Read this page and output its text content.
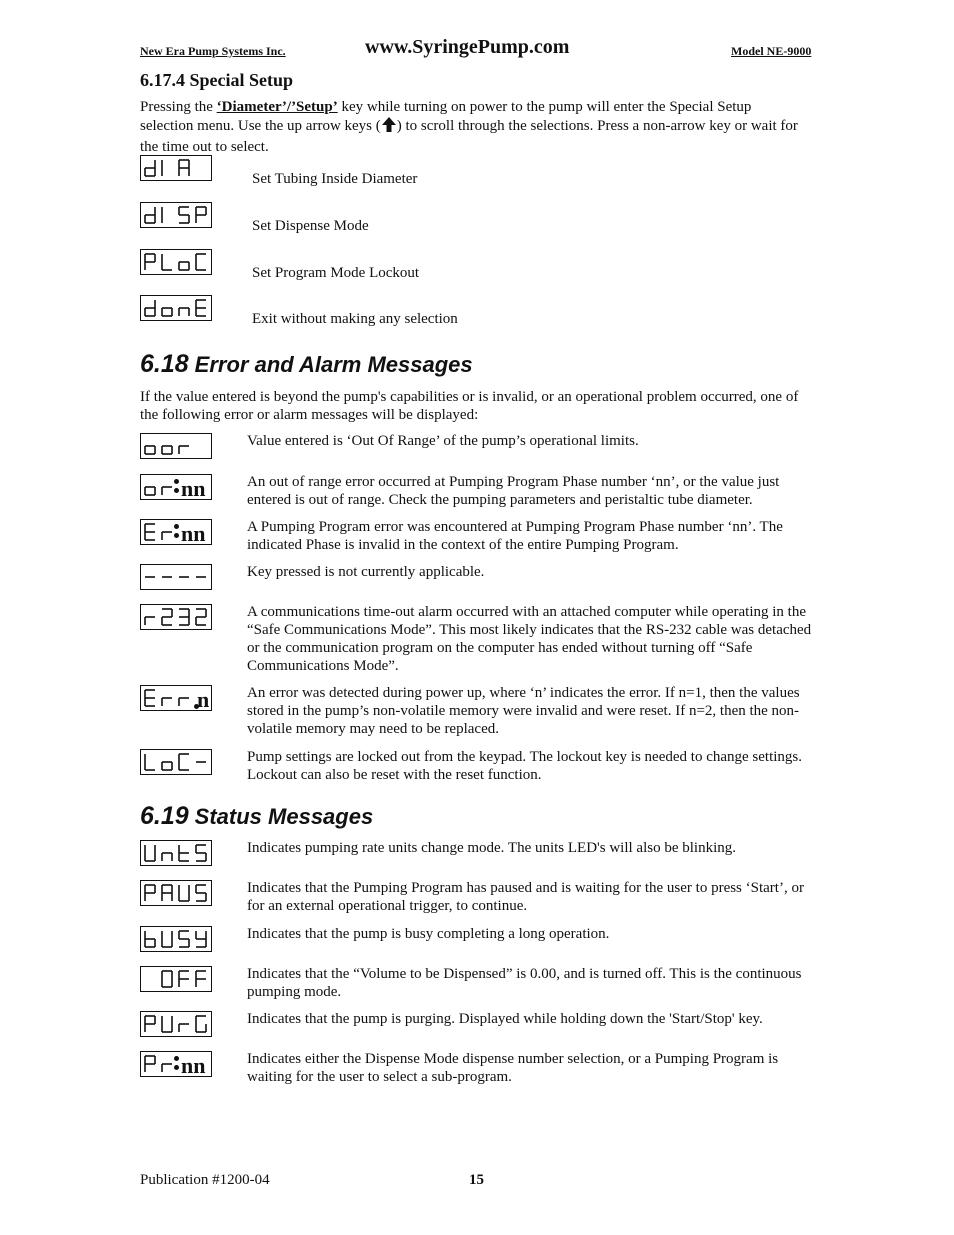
New Era Pump Systems Inc.	www.SyringePump.com	Model NE-9000
6.17.4 Special Setup
Pressing the ‘Diameter’/’Setup’ key while turning on power to the pump will enter the Special Setup selection menu. Use the up arrow keys ( ) to scroll through the selections. Press a non-arrow key or wait for the time out to select.
Set Tubing Inside Diameter
Set Dispense Mode
Set Program Mode Lockout
Exit without making any selection
6.18 Error and Alarm Messages
If the value entered is beyond the pump's capabilities or is invalid, or an operational problem occurred, one of the following error or alarm messages will be displayed:
Value entered is ‘Out Of Range’ of the pump’s operational limits.
nn	An out of range error occurred at Pumping Program Phase number ‘nn’, or the value just entered is out of range. Check the pumping parameters and peristaltic tube diameter.
nn	A Pumping Program error was encountered at Pumping Program Phase number ‘nn’. The indicated Phase is invalid in the context of the entire Pumping Program.
Key pressed is not currently applicable.
A communications time-out alarm occurred with an attached computer while operating in the “Safe Communications Mode”. This most likely indicates that the RS-232 cable was detached or the communication program on the computer has ended without turning off “Safe Communications Mode”.
n	An error was detected during power up, where ‘n’ indicates the error. If n=1, then the values stored in the pump’s non-volatile memory were invalid and were reset. If n=2, then the non-volatile memory may need to be replaced.
Pump settings are locked out from the keypad. The lockout key is needed to change settings. Lockout can also be reset with the reset function.
6.19 Status Messages
Indicates pumping rate units change mode. The units LED's will also be blinking.
Indicates that the Pumping Program has paused and is waiting for the user to press ‘Start’, or for an external operational trigger, to continue.
Indicates that the pump is busy completing a long operation.
Indicates that the “Volume to be Dispensed” is 0.00, and is turned off. This is the continuous pumping mode.
Indicates that the pump is purging. Displayed while holding down the 'Start/Stop' key.
nn	Indicates either the Dispense Mode dispense number selection, or a Pumping Program is waiting for the user to select a sub-program.
Publication #1200-04	15
